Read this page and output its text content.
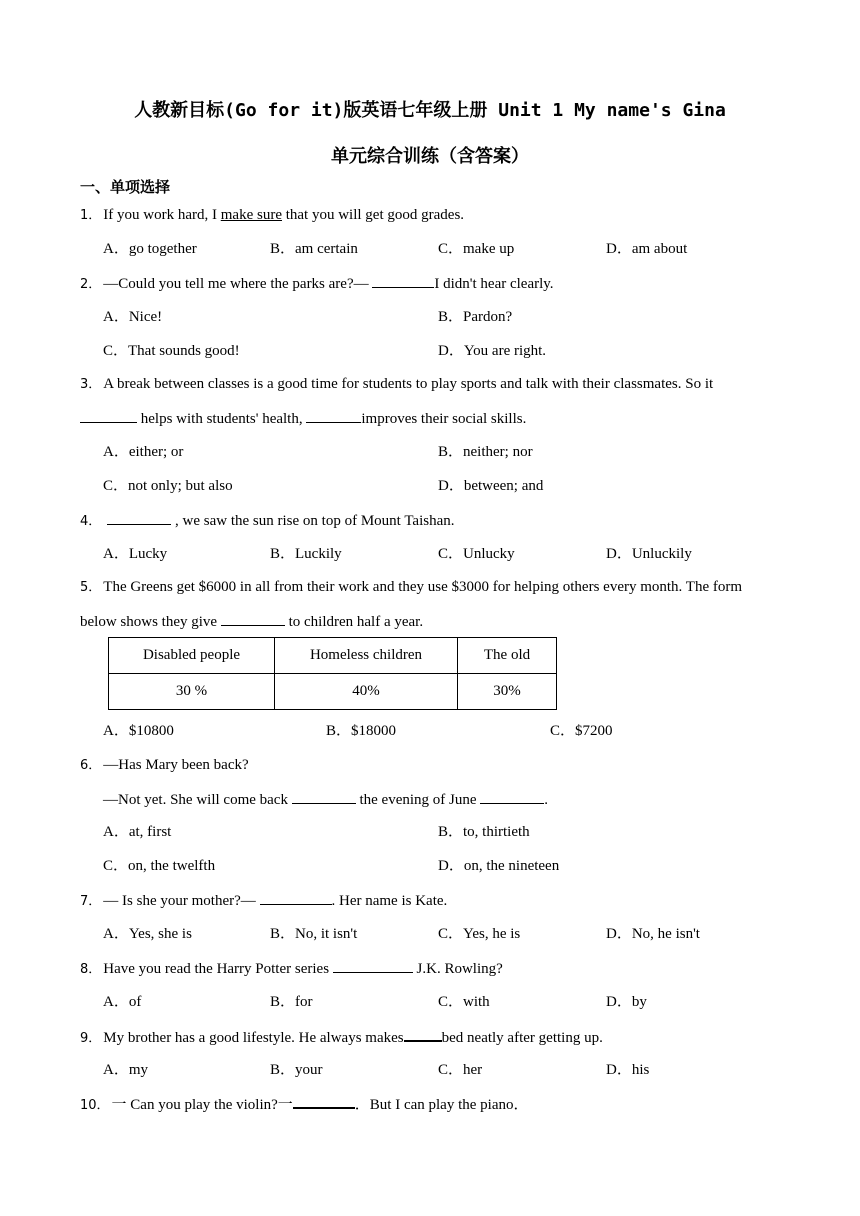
人教新目标(Go for it)版英语七年级上册 Unit 1 My name's Gina
单元综合训练（含答案）
一、单项选择
1． If you work hard, I make sure that you will get good grades.
A．go together	B．am certain	C．make up	D．am about
2． —Could you tell me where the parks are?—	I didn't hear clearly.
A．Nice!	B．Pardon?
C．That sounds good!	D．You are right.
3． A break between classes is a good time for students to play sports and talk with their classmates. So it
helps with students' health,	improves their social skills.
A．either; or	B．neither; nor
C．not only; but also	D．between; and
4．	, we saw the sun rise on top of Mount Taishan.
A．Lucky	B．Luckily	C．Unlucky	D．Unluckily
5． The Greens get $6000 in all from their work and they use $3000 for helping others every month. The form
below shows they give	to children half a year.
Disabled people	Homeless children	The old
30 %	40%	30%
A．$10800	B．$18000	C．$7200
6． —Has Mary been back?
—Not yet. She will come back	the evening of June	.
A．at, first	B．to, thirtieth
C．on, the twelfth	D．on, the nineteen
7． — Is she your mother?—	. Her name is Kate.
A．Yes, she is	B．No, it isn't	C．Yes, he is	D．No, he isn't
8． Have you read the Harry Potter series	J.K. Rowling?
A．of	B．for	C．with	D．by
9． My brother has a good lifestyle. He always makes	bed neatly after getting up.
A．my	B．your	C．her	D．his
10． 一 Can you play the violin?一	．But I can play the piano．
